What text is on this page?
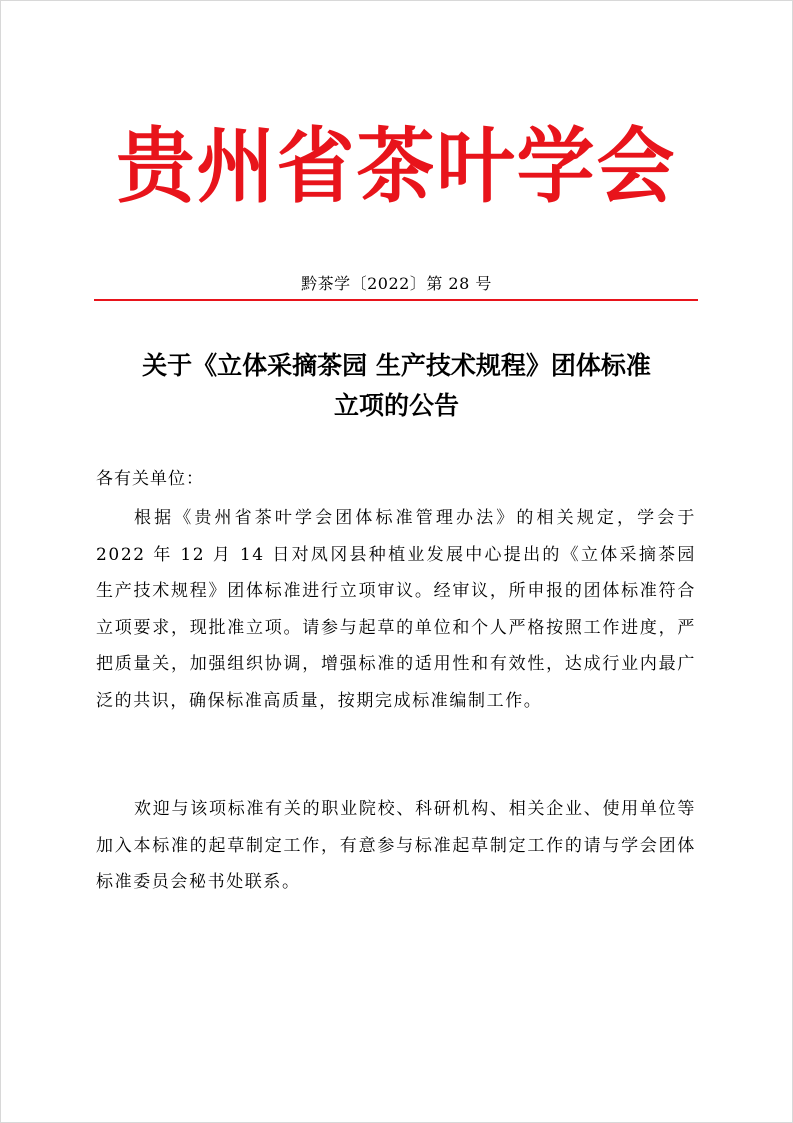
贵州省茶叶学会
黔茶学〔2022〕第 28 号
关于《立体采摘茶园 生产技术规程》团体标准
立项的公告
各有关单位：

根据《贵州省茶叶学会团体标准管理办法》的相关规定，学会于 2022 年 12 月 14 日对凤冈县种植业发展中心提出的《立体采摘茶园 生产技术规程》团体标准进行立项审议。经审议，所申报的团体标准符合立项要求，现批准立项。请参与起草的单位和个人严格按照工作进度，严把质量关，加强组织协调，增强标准的适用性和有效性，达成行业内最广泛的共识，确保标准高质量，按期完成标准编制工作。

欢迎与该项标准有关的职业院校、科研机构、相关企业、使用单位等加入本标准的起草制定工作，有意参与标准起草制定工作的请与学会团体标准委员会秘书处联系。
